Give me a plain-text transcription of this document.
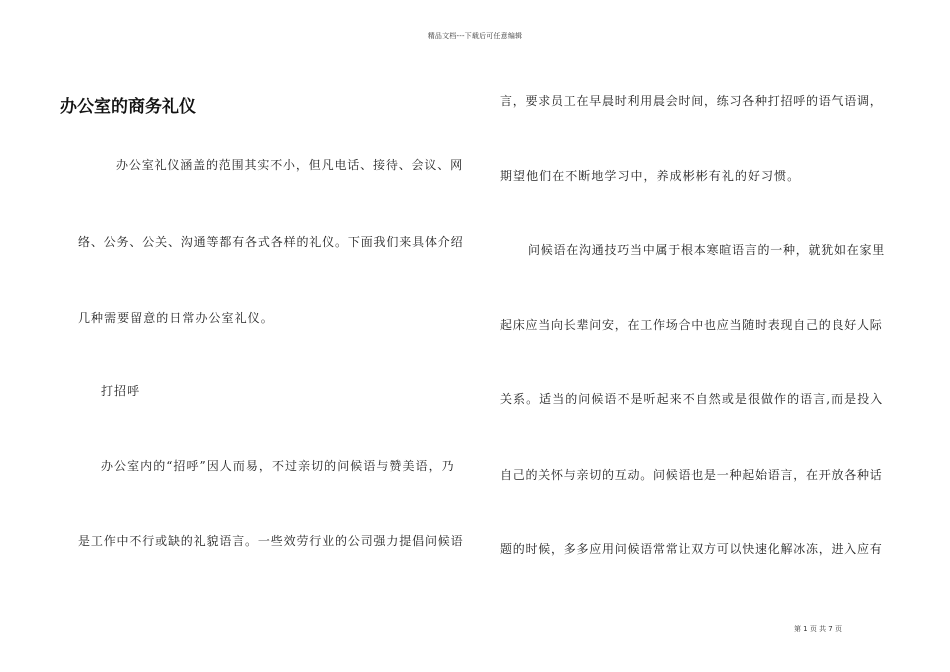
精品文档---下载后可任意编辑
办公室的商务礼仪
办公室礼仪涵盖的范围其实不小，但凡电话、接待、会议、网
络、公务、公关、沟通等都有各式各样的礼仪。下面我们来具体介绍
几种需要留意的日常办公室礼仪。
打招呼
办公室内的“招呼”因人而易，不过亲切的问候语与赞美语，乃
是工作中不行或缺的礼貌语言。一些效劳行业的公司强力提倡问候语
言，要求员工在早晨时利用晨会时间，练习各种打招呼的语气语调，
期望他们在不断地学习中，养成彬彬有礼的好习惯。
问候语在沟通技巧当中属于根本寒暄语言的一种，就犹如在家里
起床应当向长辈问安，在工作场合中也应当随时表现自己的良好人际
关系。适当的问候语不是听起来不自然或是很做作的语言,而是投入
自己的关怀与亲切的互动。问候语也是一种起始语言，在开放各种话
题的时候，多多应用问候语常常让双方可以快速化解冰冻，进入应有
第 1 页 共 7 页
